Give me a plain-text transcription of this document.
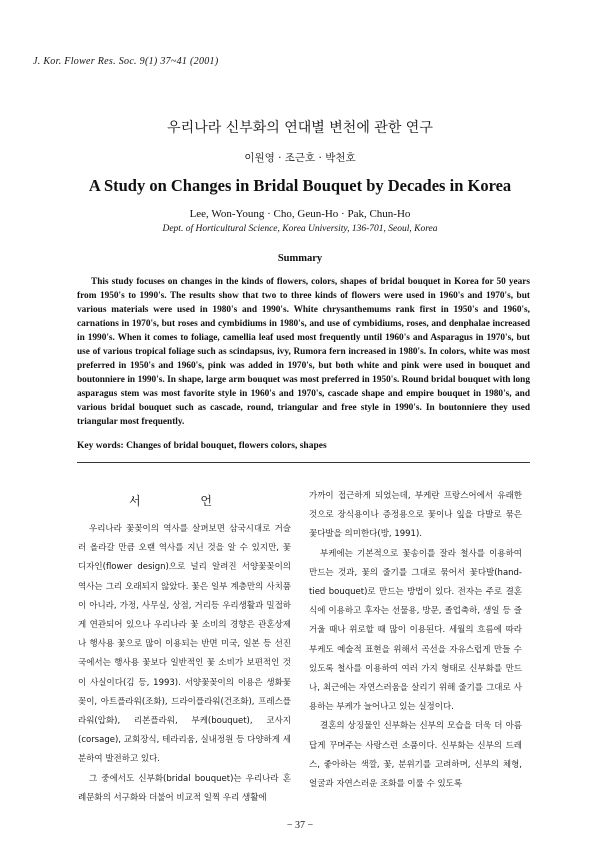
J. Kor. Flower Res. Soc. 9(1) 37~41 (2001)
우리나라 신부화의 연대별 변천에 관한 연구
이원영 · 조근호 · 박천호
A Study on Changes in Bridal Bouquet by Decades in Korea
Lee, Won-Young · Cho, Geun-Ho · Pak, Chun-Ho
Dept. of Horticultural Science, Korea University, 136-701, Seoul, Korea
Summary

This study focuses on changes in the kinds of flowers, colors, shapes of bridal bouquet in Korea for 50 years from 1950's to 1990's. The results show that two to three kinds of flowers were used in 1960's and 1970's, but various materials were used in 1980's and 1990's. White chrysanthemums rank first in 1950's and 1960's, carnations in 1970's, but roses and cymbidiums in 1980's, and use of cymbidiums, roses, and denphalae increased in 1990's. When it comes to foliage, camellia leaf used most frequently until 1960's and Asparagus in 1970's, but use of various tropical foliage such as scindapsus, ivy, Rumora fern increased in 1980's. In colors, white was most preferred in 1950's and 1960's, pink was added in 1970's, but both white and pink were used in bouquet and boutonniere in 1990's. In shape, large arm bouquet was most preferred in 1950's. Round bridal bouquet with long asparagus stem was most favorite style in 1960's and 1970's, cascade shape and empire bouquet in 1980's, and various bridal bouquet such as cascade, round, triangular and free style in 1990's. In boutonniere they used triangular most frequently.

Key words: Changes of bridal bouquet, flowers colors, shapes
서 언

우리나라 꽃꽂이의 역사를 살펴보면 삼국시대로 거슬러 올라갈 만큼 오랜 역사를 지닌 것을 알 수 있지만, 꽃 디자인(flower design)으로 널리 알려진 서양꽃꽂이의 역사는 그리 오래되지 않았다. 꽃은 일부 계층만의 사치품이 아니라, 가정, 사무실, 상점, 거리등 우리생활과 밀접하게 연관되어 있으나 우리나라 꽃 소비의 경향은 관혼상제나 행사용 꽃으로 많이 이용되는 반면 미국, 일본 등 선진국에서는 행사용 꽃보다 일반적인 꽃 소비가 보편적인 것이 사실이다(김 등, 1993). 서양꽃꽂이의 이용은 생화꽃꽂이, 아트플라워(조화), 드라이플라워(건조화), 프레스플라워(압화), 리본플라워, 부케(bouquet), 코사지(corsage), 교회장식, 테라리움, 실내정원 등 다양하게 세분하여 발전하고 있다.

그 중에서도 신부화(bridal bouquet)는 우리나라 혼례문화의 서구화와 더불어 비교적 일찍 우리 생활에

가까이 접근하게 되었는데, 부케란 프랑스어에서 유래한 것으로 장식용이나 증정용으로 꽃이나 잎을 다발로 묶은 꽃다발을 의미한다(방, 1991).

부케에는 기본적으로 꽃송이를 잘라 철사를 이용하여 만드는 것과, 꽃의 줄기를 그대로 묶어서 꽃다발(hand-tied bouquet)로 만드는 방법이 있다. 전자는 주로 결혼식에 이용하고 후자는 선물용, 방문, 졸업축하, 생일 등 즐거울 때나 위로할 때 많이 이용된다. 세월의 흐름에 따라 부케도 예술적 표현을 위해서 곡선을 자유스럽게 만들 수 있도록 철사를 이용하여 여러 가지 형태로 신부화를 만드나, 최근에는 자연스러움을 살리기 위해 줄기를 그대로 사용하는 부케가 늘어나고 있는 실정이다.

결혼의 상징물인 신부화는 신부의 모습을 더욱 더 아름답게 꾸며주는 사랑스런 소품이다. 신부화는 신부의 드레스, 좋아하는 색깔, 꽃, 분위기를 고려하며, 신부의 체형, 얼굴과 자연스러운 조화를 이룰 수 있도록

− 37 −
